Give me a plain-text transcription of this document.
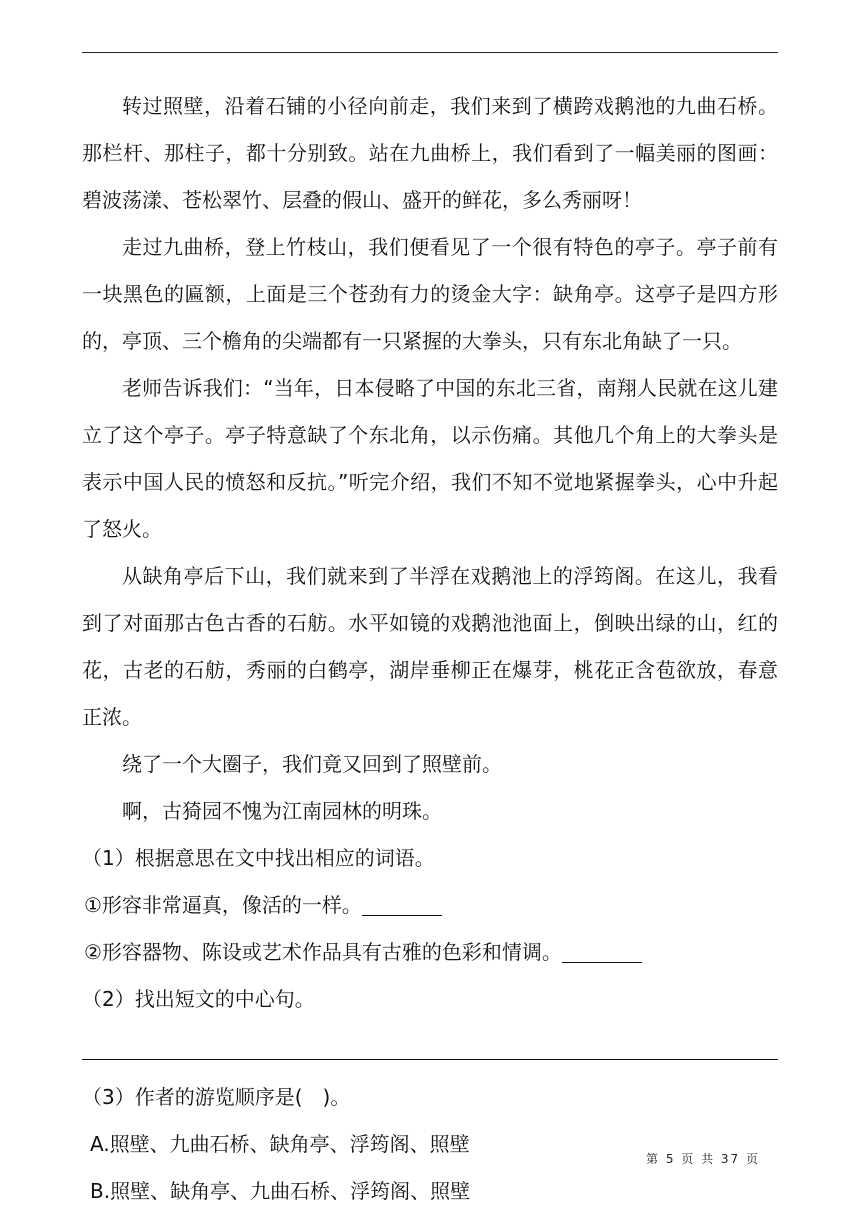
转过照壁，沿着石铺的小径向前走，我们来到了横跨戏鹅池的九曲石桥。那栏杆、那柱子，都十分别致。站在九曲桥上，我们看到了一幅美丽的图画：碧波荡漾、苍松翠竹、层叠的假山、盛开的鲜花，多么秀丽呀！

走过九曲桥，登上竹枝山，我们便看见了一个很有特色的亭子。亭子前有一块黑色的匾额，上面是三个苍劲有力的烫金大字：缺角亭。这亭子是四方形的，亭顶、三个檐角的尖端都有一只紧握的大拳头，只有东北角缺了一只。

老师告诉我们：“当年，日本侵略了中国的东北三省，南翔人民就在这儿建立了这个亭子。亭子特意缺了个东北角，以示伤痛。其他几个角上的大拳头是表示中国人民的愤怒和反抗。”听完介绍，我们不知不觉地紧握拳头，心中升起了怒火。

从缺角亭后下山，我们就来到了半浮在戏鹅池上的浮筠阁。在这儿，我看到了对面那古色古香的石舫。水平如镜的戏鹅池池面上，倒映出绿的山，红的花，古老的石舫，秀丽的白鹤亭，湖岸垂柳正在爆芽，桃花正含苞欲放，春意正浓。

绕了一个大圈子，我们竟又回到了照壁前。

啊，古猗园不愧为江南园林的明珠。

（1）根据意思在文中找出相应的词语。

①形容非常逼真，像活的一样。

②形容器物、陈设或艺术作品具有古雅的色彩和情调。

（2）找出短文的中心句。

（3）作者的游览顺序是(　)。

A.照壁、九曲石桥、缺角亭、浮筠阁、照壁

B.照壁、缺角亭、九曲石桥、浮筠阁、照壁

第 5 页 共 37 页
